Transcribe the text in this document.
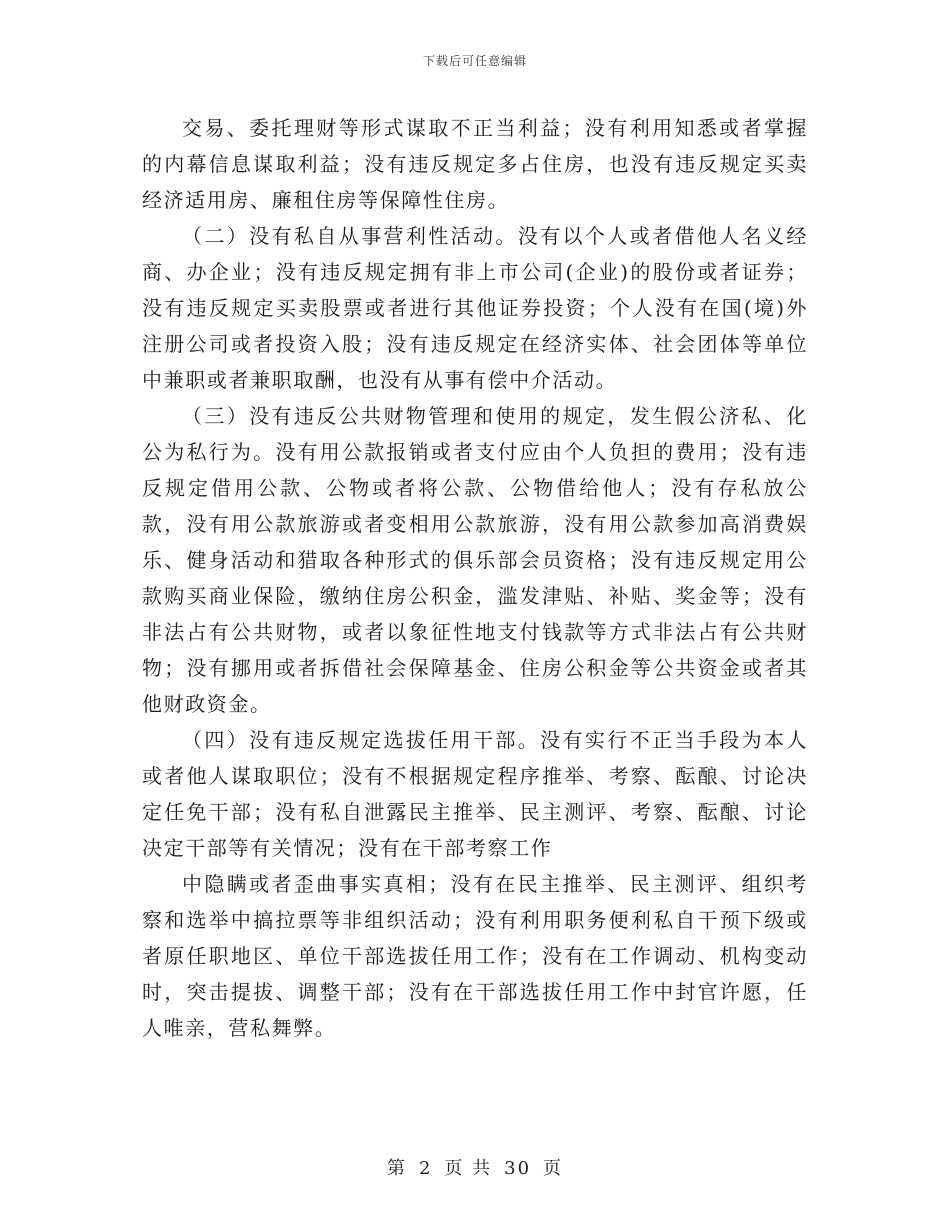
下载后可任意编辑

交易、委托理财等形式谋取不正当利益；没有利用知悉或者掌握的内幕信息谋取利益；没有违反规定多占住房，也没有违反规定买卖经济适用房、廉租住房等保障性住房。

（二）没有私自从事营利性活动。没有以个人或者借他人名义经商、办企业；没有违反规定拥有非上市公司(企业)的股份或者证券；没有违反规定买卖股票或者进行其他证券投资；个人没有在国(境)外注册公司或者投资入股；没有违反规定在经济实体、社会团体等单位中兼职或者兼职取酬，也没有从事有偿中介活动。

（三）没有违反公共财物管理和使用的规定，发生假公济私、化公为私行为。没有用公款报销或者支付应由个人负担的费用；没有违反规定借用公款、公物或者将公款、公物借给他人；没有存私放公款，没有用公款旅游或者变相用公款旅游，没有用公款参加高消费娱乐、健身活动和猎取各种形式的俱乐部会员资格；没有违反规定用公款购买商业保险，缴纳住房公积金，滥发津贴、补贴、奖金等；没有非法占有公共财物，或者以象征性地支付钱款等方式非法占有公共财物；没有挪用或者拆借社会保障基金、住房公积金等公共资金或者其他财政资金。

（四）没有违反规定选拔任用干部。没有实行不正当手段为本人或者他人谋取职位；没有不根据规定程序推举、考察、酝酿、讨论决定任免干部；没有私自泄露民主推举、民主测评、考察、酝酿、讨论决定干部等有关情况；没有在干部考察工作

中隐瞒或者歪曲事实真相；没有在民主推举、民主测评、组织考察和选举中搞拉票等非组织活动；没有利用职务便利私自干预下级或者原任职地区、单位干部选拔任用工作；没有在工作调动、机构变动时，突击提拔、调整干部；没有在干部选拔任用工作中封官许愿，任人唯亲，营私舞弊。

第 2 页 共 30 页
